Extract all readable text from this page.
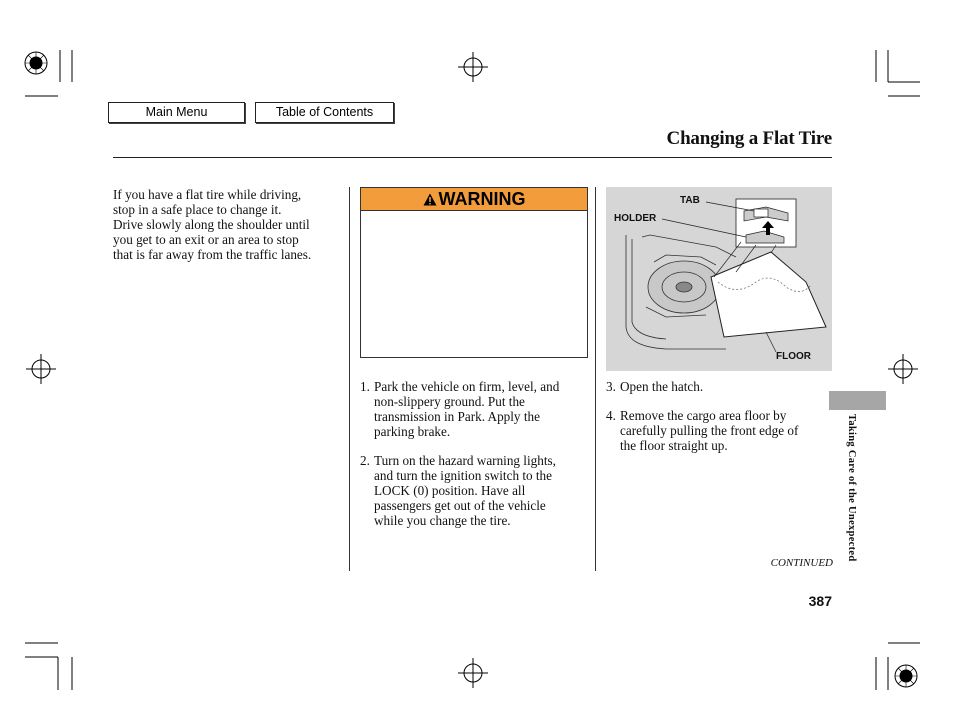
Main Menu	Table of Contents
Changing a Flat Tire
If you have a flat tire while driving,
stop in a safe place to change it.
Drive slowly along the shoulder until
you get to an exit or an area to stop
that is far away from the traffic lanes.
WARNING
1. Park the vehicle on firm, level, and
non-slippery ground. Put the
transmission in Park. Apply the
parking brake.
2. Turn on the hazard warning lights,
and turn the ignition switch to the
LOCK (0) position. Have all
passengers get out of the vehicle
while you change the tire.
TAB
HOLDER
FLOOR
3. Open the hatch.
4. Remove the cargo area floor by
carefully pulling the front edge of
the floor straight up.	Taking Care of the Unexpected
CONTINUED
387
